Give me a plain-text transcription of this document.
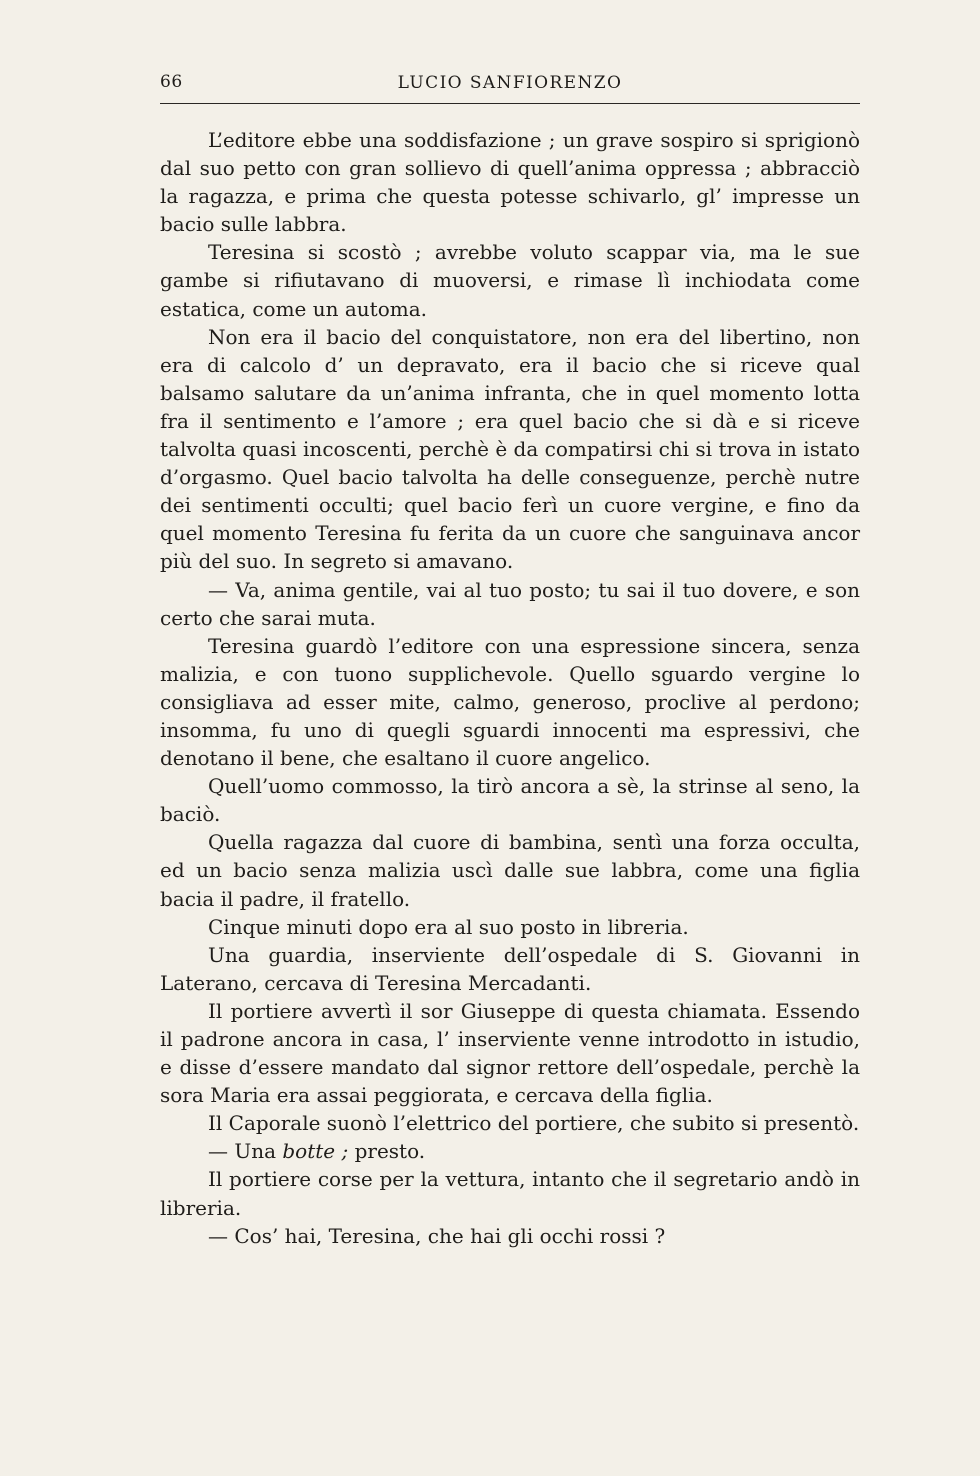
66	LUCIO SANFIORENZO

L’editore ebbe una soddisfazione ; un grave sospiro si sprigionò dal suo petto con gran sollievo di quell’anima oppressa ; abbracciò la ragazza, e prima che questa potesse schivarlo, gl’ impresse un bacio sulle labbra.

Teresina si scostò ; avrebbe voluto scappar via, ma le sue gambe si rifiutavano di muoversi, e rimase lì inchiodata come estatica, come un automa.

Non era il bacio del conquistatore, non era del libertino, non era di calcolo d’ un depravato, era il bacio che si riceve qual balsamo salutare da un’anima infranta, che in quel momento lotta fra il sentimento e l’amore ; era quel bacio che si dà e si riceve talvolta quasi incoscenti, perchè è da compatirsi chi si trova in istato d’orgasmo. Quel bacio talvolta ha delle conseguenze, perchè nutre dei sentimenti occulti; quel bacio ferì un cuore vergine, e fino da quel momento Teresina fu ferita da un cuore che sanguinava ancor più del suo. In segreto si amavano.

— Va, anima gentile, vai al tuo posto; tu sai il tuo dovere, e son certo che sarai muta.

Teresina guardò l’editore con una espressione sincera, senza malizia, e con tuono supplichevole. Quello sguardo vergine lo consigliava ad esser mite, calmo, generoso, proclive al perdono; insomma, fu uno di quegli sguardi innocenti ma espressivi, che denotano il bene, che esaltano il cuore angelico.

Quell’uomo commosso, la tirò ancora a sè, la strinse al seno, la baciò.

Quella ragazza dal cuore di bambina, sentì una forza occulta, ed un bacio senza malizia uscì dalle sue labbra, come una figlia bacia il padre, il fratello.

Cinque minuti dopo era al suo posto in libreria.

Una guardia, inserviente dell’ospedale di S. Giovanni in Laterano, cercava di Teresina Mercadanti.

Il portiere avvertì il sor Giuseppe di questa chiamata. Essendo il padrone ancora in casa, l’ inserviente venne introdotto in istudio, e disse d’essere mandato dal signor rettore dell’ospedale, perchè la sora Maria era assai peggiorata, e cercava della figlia.

Il Caporale suonò l’elettrico del portiere, che subito si presentò.

— Una botte ; presto.

Il portiere corse per la vettura, intanto che il segretario andò in libreria.

— Cos’ hai, Teresina, che hai gli occhi rossi ?
